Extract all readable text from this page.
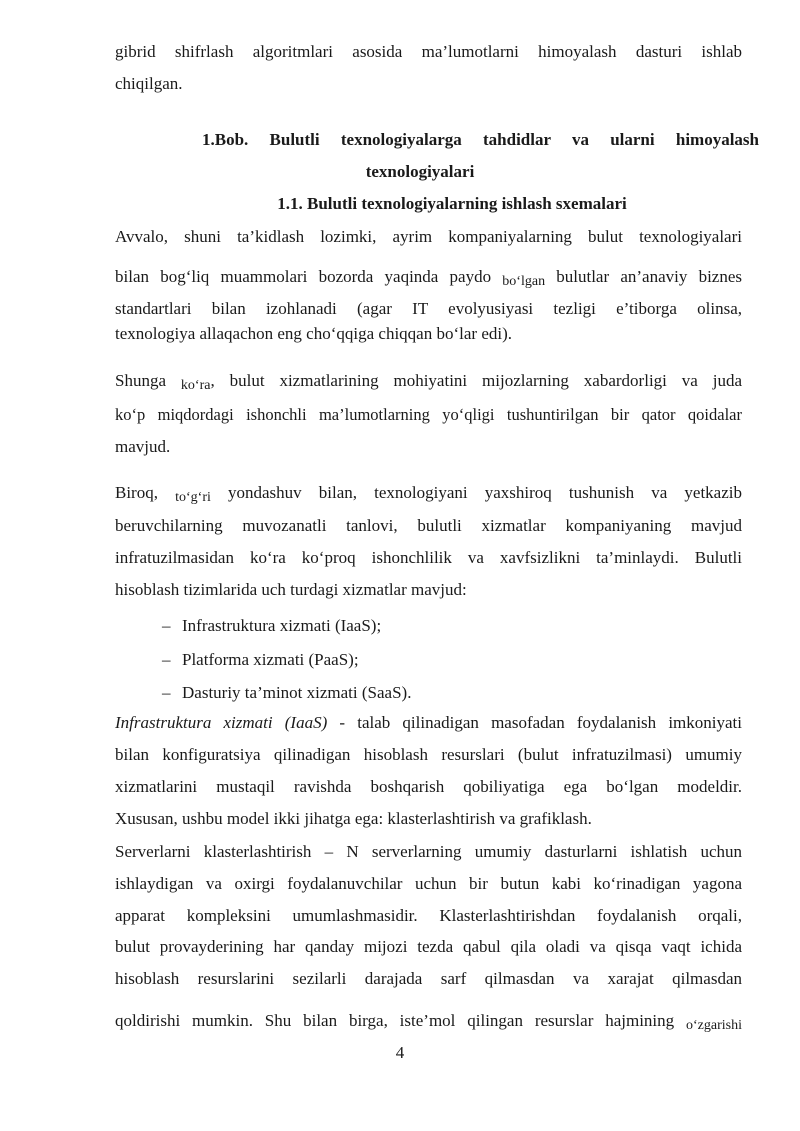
gibrid shifrlash algoritmlari asosida ma’lumotlarni himoyalash dasturi ishlab
chiqilgan.
1.Bob. Bulutli texnologiyalarga tahdidlar va ularni himoyalash
texnologiyalari
1.1. Bulutli texnologiyalarning ishlash sxemalari
Avvalo, shuni ta’kidlash lozimki, ayrim kompaniyalarning bulut texnologiyalari
bilan bog‘liq muammolari bozorda yaqinda paydo bo‘lgan bulutlar an’anaviy biznes
standartlari bilan izohlanadi (agar IT evolyusiyasi tezligi e’tiborga olinsa,
texnologiya allaqachon eng cho‘qqiga chiqqan bo‘lar edi).
Shunga ko‘ra, bulut xizmatlarining mohiyatini mijozlarning xabardorligi va juda
ko‘p miqdordagi ishonchli ma’lumotlarning yo‘qligi tushuntirilgan bir qator qoidalar
mavjud.
Biroq, to‘g‘ri yondashuv bilan, texnologiyani yaxshiroq tushunish va yetkazib
beruvchilarning muvozanatli tanlovi, bulutli xizmatlar kompaniyaning mavjud
infratuzilmasidan ko‘ra ko‘proq ishonchlilik va xavfsizlikni ta’minlaydi. Bulutli
hisoblash tizimlarida uch turdagi xizmatlar mavjud:
– Infrastruktura xizmati (IaaS);
– Platforma xizmati (PaaS);
– Dasturiy ta’minot xizmati (SaaS).
Infrastruktura xizmati (IaaS) - talab qilinadigan masofadan foydalanish imkoniyati
bilan konfiguratsiya qilinadigan hisoblash resurslari (bulut infratuzilmasi) umumiy
xizmatlarini mustaqil ravishda boshqarish qobiliyatiga ega bo‘lgan modeldir.
Xususan, ushbu model ikki jihatga ega: klasterlashtirish va grafiklash.
Serverlarni klasterlashtirish – N serverlarning umumiy dasturlarni ishlatish uchun
ishlaydigan va oxirgi foydalanuvchilar uchun bir butun kabi ko‘rinadigan yagona
apparat kompleksini umumlashmasidir. Klasterlashtirishdan foydalanish orqali,
bulut provayderining har qanday mijozi tezda qabul qila oladi va qisqa vaqt ichida
hisoblash resurslarini sezilarli darajada sarf qilmasdan va xarajat qilmasdan
qoldirishi mumkin. Shu bilan birga, iste’mol qilingan resurslar hajmining o‘zgarishi
4
